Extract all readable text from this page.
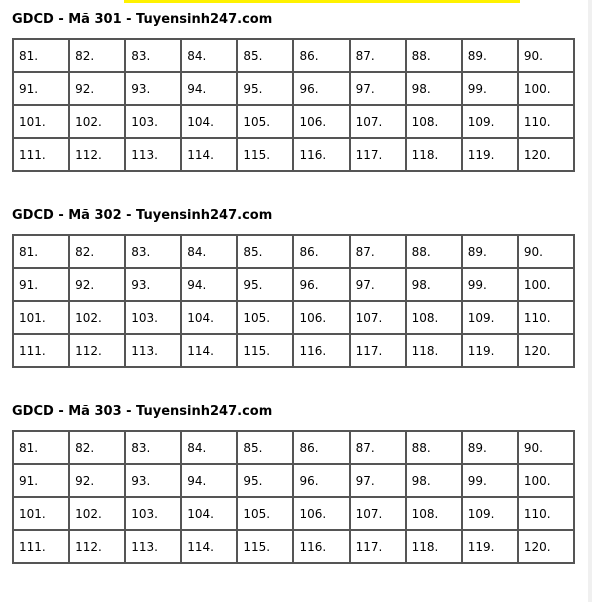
GDCD - Mã 301 - Tuyensinh247.com
81.	82.	83.	84.	85.	86.	87.	88.	89.	90.
91.	92.	93.	94.	95.	96.	97.	98.	99.	100.
101.	102.	103.	104.	105.	106.	107.	108.	109.	110.
111.	112.	113.	114.	115.	116.	117.	118.	119.	120.
GDCD - Mã 302 - Tuyensinh247.com
81.	82.	83.	84.	85.	86.	87.	88.	89.	90.
91.	92.	93.	94.	95.	96.	97.	98.	99.	100.
101.	102.	103.	104.	105.	106.	107.	108.	109.	110.
111.	112.	113.	114.	115.	116.	117.	118.	119.	120.
GDCD - Mã 303 - Tuyensinh247.com
81.	82.	83.	84.	85.	86.	87.	88.	89.	90.
91.	92.	93.	94.	95.	96.	97.	98.	99.	100.
101.	102.	103.	104.	105.	106.	107.	108.	109.	110.
111.	112.	113.	114.	115.	116.	117.	118.	119.	120.
